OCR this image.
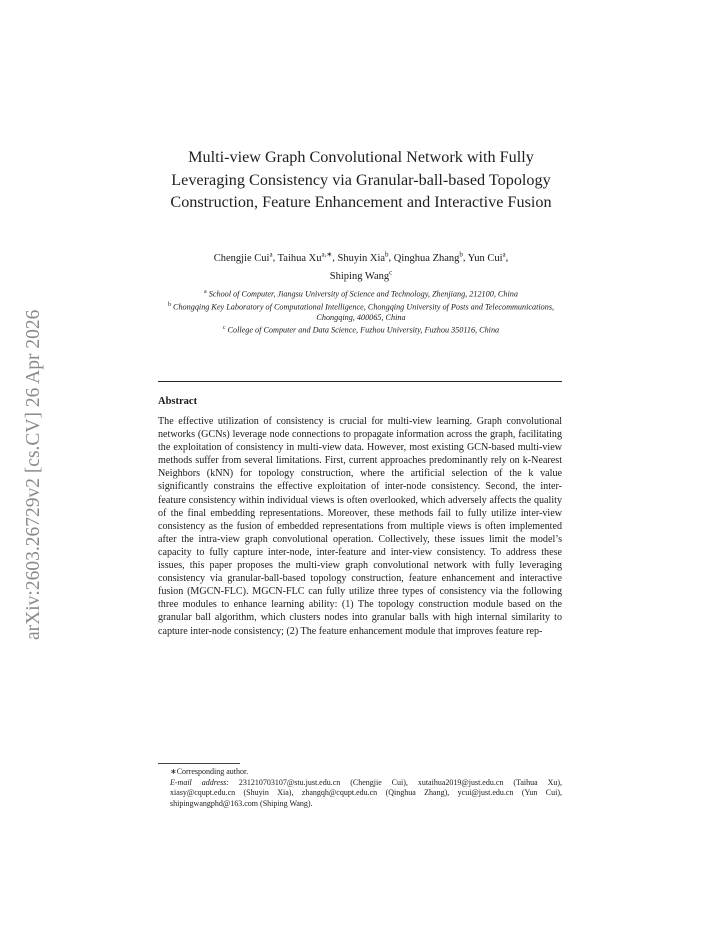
arXiv:2603.26729v2 [cs.CV] 26 Apr 2026
Multi-view Graph Convolutional Network with Fully Leveraging Consistency via Granular-ball-based Topology Construction, Feature Enhancement and Interactive Fusion
Chengjie Cui$^a$, Taihua $Xu^{a,∗}$, Shuyin Xia$^b$, Qinghua Zhang$^b$, Yun Cui$^a$,
Shiping Wang$^c$

$^a$ School of Computer, Jiangsu University of Science and Technology, Zhenjiang, 212100, China

$^b$ Chongqing Key Laboratory of Computational Intelligence, Chongqing University of Posts and Telecommunications, Chongqing, 400065, China

$^c$ College of Computer and Data Science, Fuzhou University, Fuzhou 350116, China

Abstract

The effective utilization of consistency is crucial for multi-view learning. Graph convolutional networks (GCNs) leverage node connections to propagate information across the graph, facilitating the exploitation of consistency in multi-view data. However, most existing GCN-based multi-view methods suffer from several limitations. First, current approaches predominantly rely on k-Nearest Neighbors (kNN) for topology construction, where the artificial selection of the k value significantly constrains the effective exploitation of inter-node consistency. Second, the inter-feature consistency within individual views is often overlooked, which adversely affects the quality of the final embedding representations. Moreover, these methods fail to fully utilize inter-view consistency as the fusion of embedded representations from multiple views is often implemented after the intra-view graph convolutional operation. Collectively, these issues limit the model’s capacity to fully capture inter-node, inter-feature and inter-view consistency. To address these issues, this paper proposes the multi-view graph convolutional network with fully leveraging consistency via granular-ball-based topology construction, feature enhancement and interactive fusion (MGCN-FLC). MGCN-FLC can fully utilize three types of consistency via the following three modules to enhance learning ability: (1) The topology construction module based on the granular ball algorithm, which clusters nodes into granular balls with high internal similarity to capture inter-node consistency; (2) The feature enhancement module that improves feature rep-

∗Corresponding author.

E-mail address: 231210703107@stu.just.edu.cn (Chengjie Cui), xutaihua2019@just.edu.cn (Taihua Xu), xiasy@cqupt.edu.cn (Shuyin Xia), zhangqh@cqupt.edu.cn (Qinghua Zhang), ycui@just.edu.cn (Yun Cui), shipingwangphd@163.com (Shiping Wang).
